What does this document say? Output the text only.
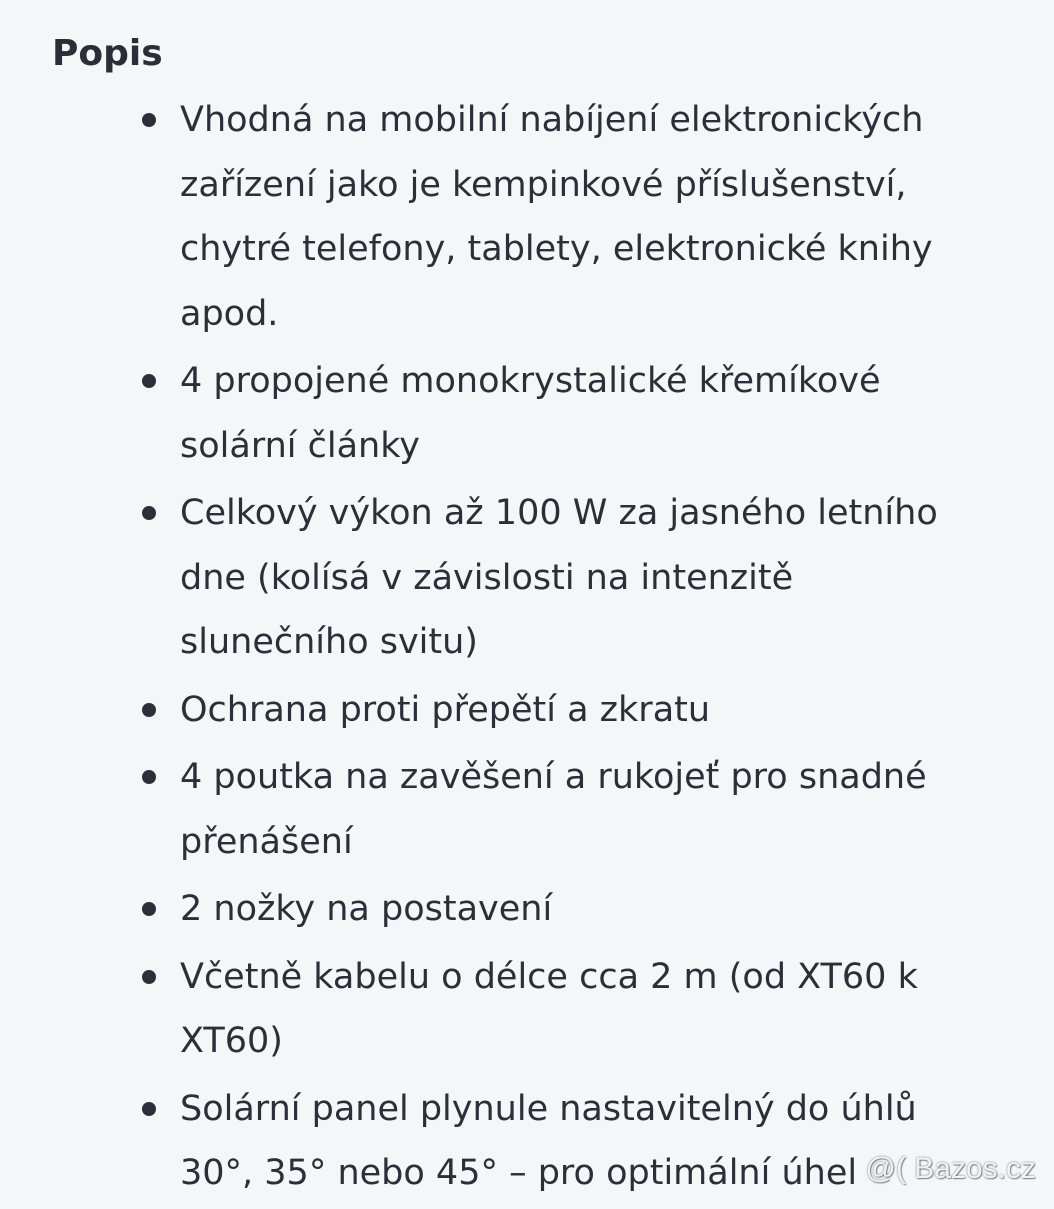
Popis
Vhodná na mobilní nabíjení elektronických
zařízení jako je kempinkové příslušenství,
chytré telefony, tablety, elektronické knihy
apod.
4 propojené monokrystalické křemíkové
solární články
Celkový výkon až 100 W za jasného letního
dne (kolísá v závislosti na intenzitě
slunečního svitu)
Ochrana proti přepětí a zkratu
4 poutka na zavěšení a rukojeť pro snadné
přenášení
2 nožky na postavení
Včetně kabelu o délce cca 2 m (od XT60 k
XT60)
Solární panel plynule nastavitelný do úhlů
30°, 35° nebo 45° – pro optimální úhel @( Bazos.cz
